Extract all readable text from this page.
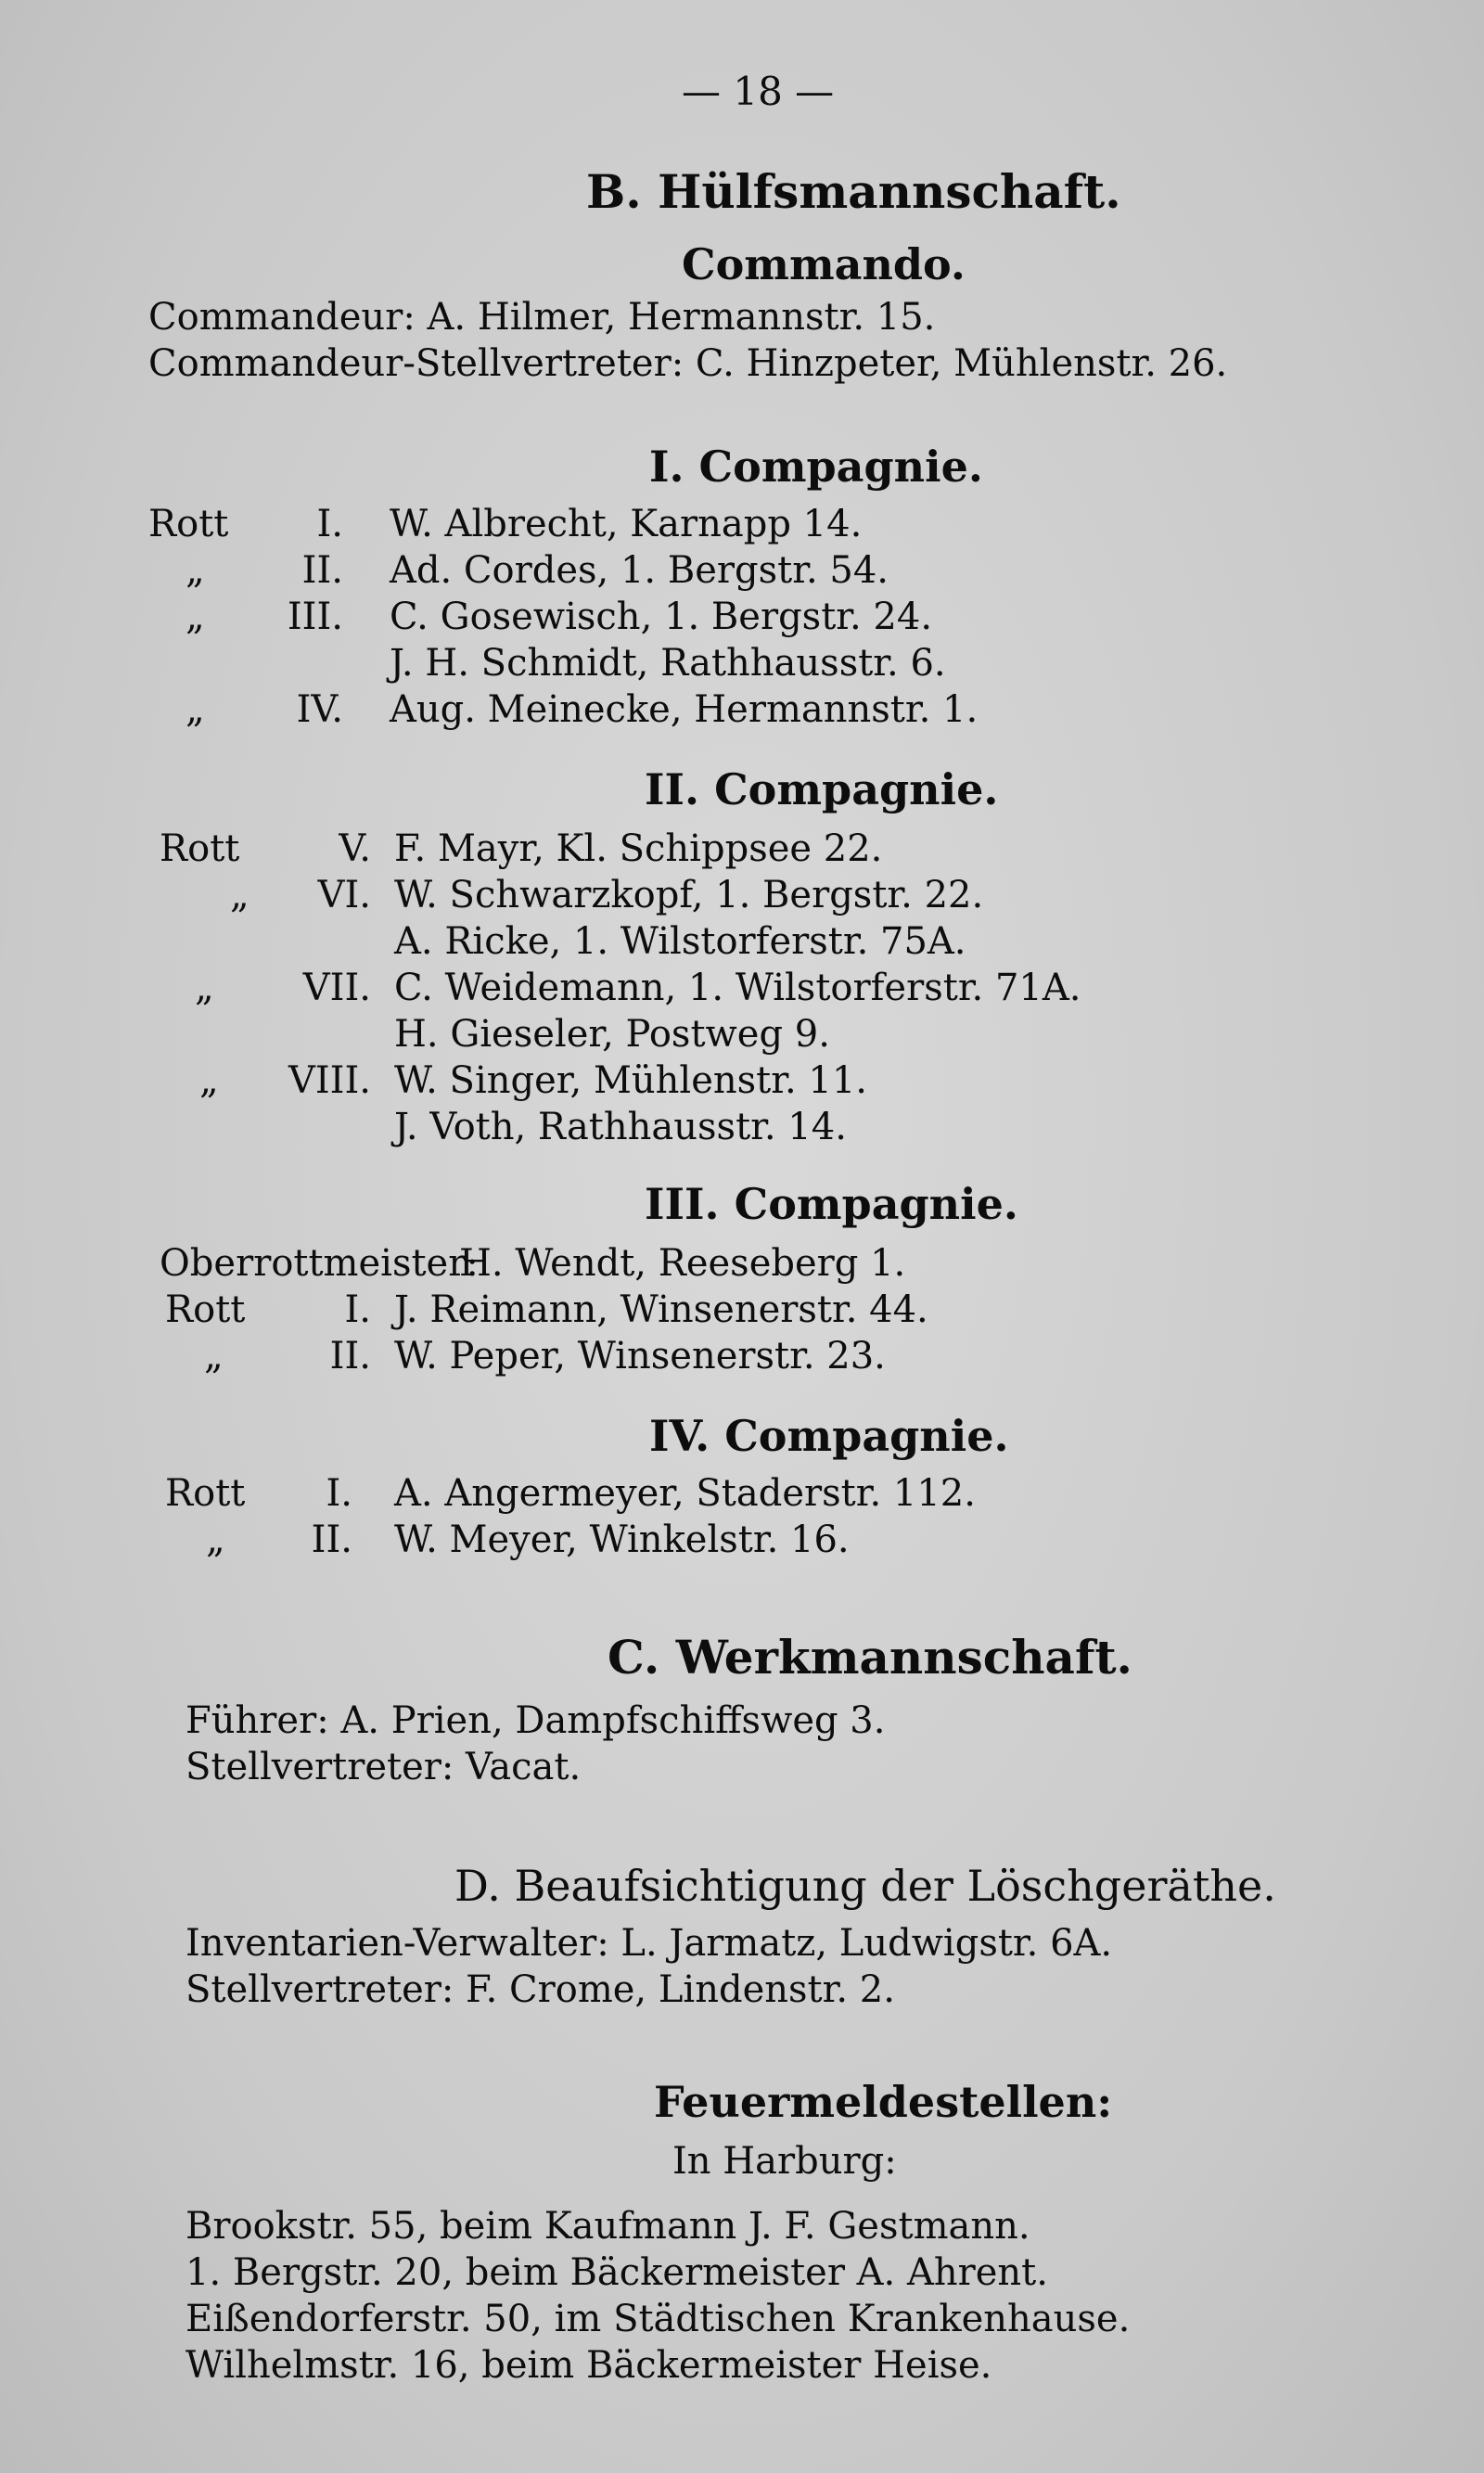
— 18 —
B. Hülfsmannschaft.
Commando.
Commandeur: A. Hilmer, Hermannstr. 15.
Commandeur-Stellvertreter: C. Hinzpeter, Mühlenstr. 26.
I. Compagnie.
Rott	I. W. Albrecht, Karnapp 14.
„	II. Ad. Cordes, 1. Bergstr. 54.
„	III. C. Gosewisch, 1. Bergstr. 24.
J. H. Schmidt, Rathhausstr. 6.
„	IV. Aug. Meinecke, Hermannstr. 1.
II. Compagnie.
Rott	V. F. Mayr, Kl. Schippsee 22.
„	VI. W. Schwarzkopf, 1. Bergstr. 22.
A. Ricke, 1. Wilstorferstr. 75A.
„	VII. C. Weidemann, 1. Wilstorferstr. 71A.
H. Gieseler, Postweg 9.
„	VIII. W. Singer, Mühlenstr. 11.
J. Voth, Rathhausstr. 14.
III. Compagnie.
Oberrottmeister:
H. Wendt, Reeseberg 1.
Rott	I. J. Reimann, Winsenerstr. 44.
„	II. W. Peper, Winsenerstr. 23.
IV. Compagnie.
Rott	I. A. Angermeyer, Staderstr. 112.
„	II. W. Meyer, Winkelstr. 16.
C. Werkmannschaft.
Führer: A. Prien, Dampfschiffsweg 3.
Stellvertreter: Vacat.
D. Beaufsichtigung der Löschgeräthe.
Inventarien-Verwalter: L. Jarmatz, Ludwigstr. 6A.
Stellvertreter: F. Crome, Lindenstr. 2.
Feuermeldestellen:
In Harburg:
Brookstr. 55, beim Kaufmann J. F. Gestmann.
1. Bergstr. 20, beim Bäckermeister A. Ahrent.
Eißendorferstr. 50, im Städtischen Krankenhause.
Wilhelmstr. 16, beim Bäckermeister Heise.
